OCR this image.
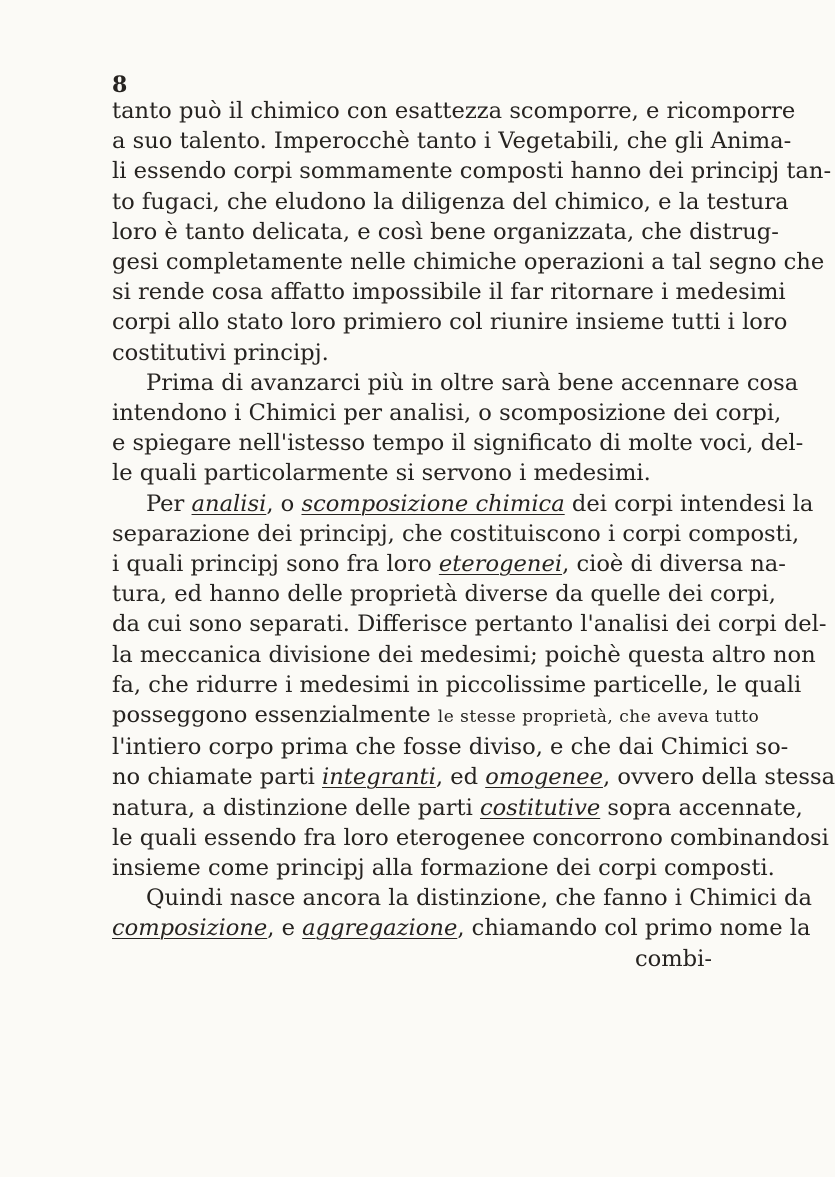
8
tanto può il chimico con esattezza scomporre, e ricomporre
a suo talento. Imperocchè tanto i Vegetabili, che gli Anima-
li essendo corpi sommamente composti hanno dei principj tan-
to fugaci, che eludono la diligenza del chimico, e la testura
loro è tanto delicata, e così bene organizzata, che distrug-
gesi completamente nelle chimiche operazioni a tal segno che
si rende cosa affatto impossibile il far ritornare i medesimi
corpi allo stato loro primiero col riunire insieme tutti i loro
costitutivi principj.
Prima di avanzarci più in oltre sarà bene accennare cosa
intendono i Chimici per analisi, o scomposizione dei corpi,
e spiegare nell'istesso tempo il significato di molte voci, del-
le quali particolarmente si servono i medesimi.
Per analisi, o scomposizione chimica dei corpi intendesi la
separazione dei principj, che costituiscono i corpi composti,
i quali principj sono fra loro eterogenei, cioè di diversa na-
tura, ed hanno delle proprietà diverse da quelle dei corpi,
da cui sono separati. Differisce pertanto l'analisi dei corpi del-
la meccanica divisione dei medesimi; poichè questa altro non
fa, che ridurre i medesimi in piccolissime particelle, le quali
posseggono essenzialmente le stesse proprietà, che aveva tutto
l'intiero corpo prima che fosse diviso, e che dai Chimici so-
no chiamate parti integranti, ed omogenee, ovvero della stessa
natura, a distinzione delle parti costitutive sopra accennate,
le quali essendo fra loro eterogenee concorrono combinandosi
insieme come principj alla formazione dei corpi composti.
Quindi nasce ancora la distinzione, che fanno i Chimici da
composizione, e aggregazione, chiamando col primo nome la
combi-
